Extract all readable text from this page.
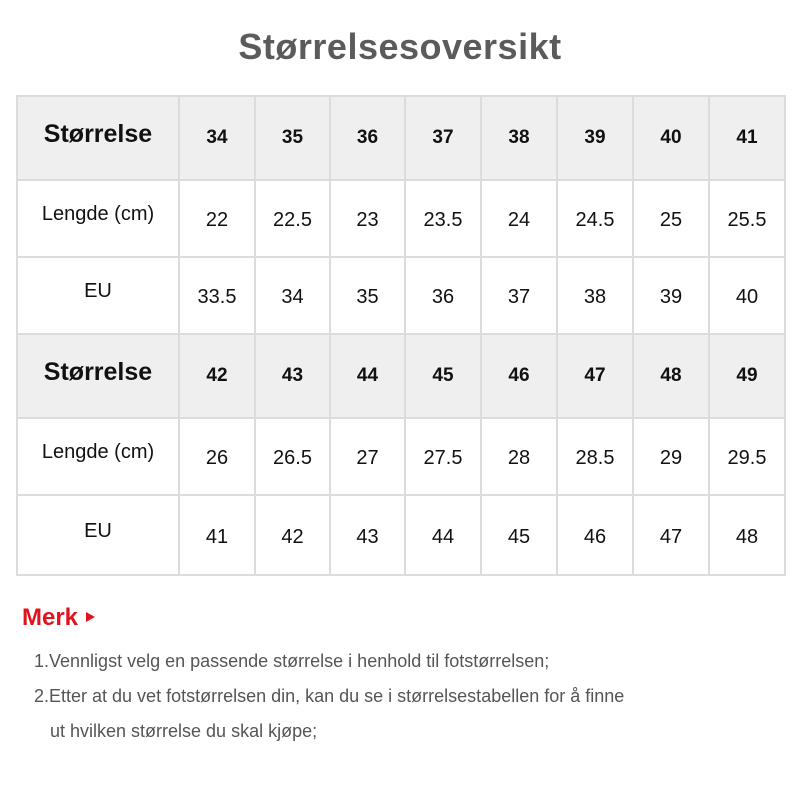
Størrelsesoversikt
Størrelse	34	35	36	37	38	39	40	41
Lengde (cm)	22	22.5	23	23.5	24	24.5	25	25.5
EU	33.5	34	35	36	37	38	39	40
Størrelse	42	43	44	45	46	47	48	49
Lengde (cm)	26	26.5	27	27.5	28	28.5	29	29.5
EU	41	42	43	44	45	46	47	48
Merk
1.Vennligst velg en passende størrelse i henhold til fotstørrelsen;
2.Etter at du vet fotstørrelsen din, kan du se i størrelsestabellen for å finne
ut hvilken størrelse du skal kjøpe;
